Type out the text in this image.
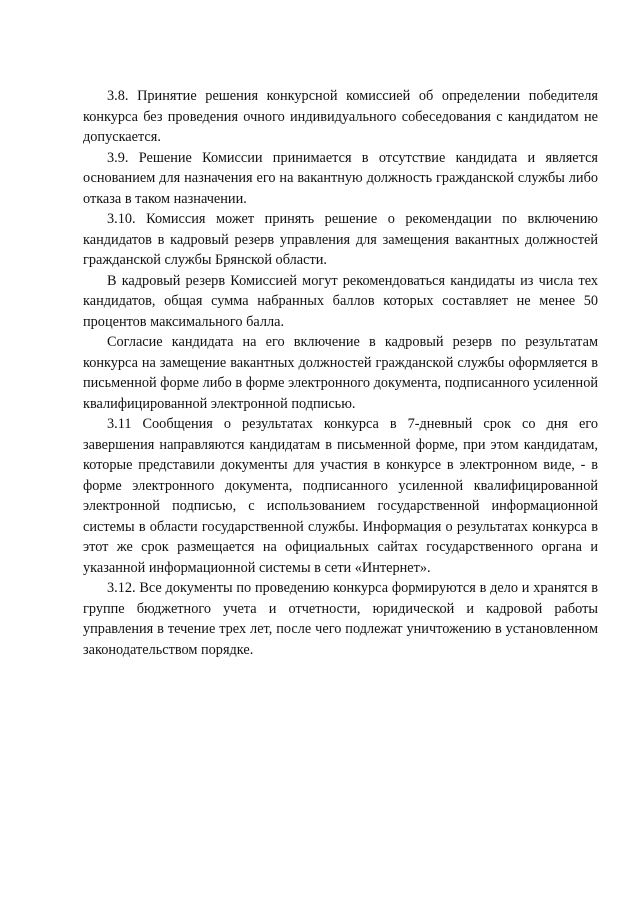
3.8. Принятие решения конкурсной комиссией об определении победителя конкурса без проведения очного индивидуального собеседования с кандидатом не допускается.

3.9. Решение Комиссии принимается в отсутствие кандидата и является основанием для назначения его на вакантную должность гражданской службы либо отказа в таком назначении.

3.10. Комиссия может принять решение о рекомендации по включению кандидатов в кадровый резерв управления для замещения вакантных должностей гражданской службы Брянской области.

В кадровый резерв Комиссией могут рекомендоваться кандидаты из числа тех кандидатов, общая сумма набранных баллов которых составляет не менее 50 процентов максимального балла.

Согласие кандидата на его включение в кадровый резерв по результатам конкурса на замещение вакантных должностей гражданской службы оформляется в письменной форме либо в форме электронного документа, подписанного усиленной квалифицированной электронной подписью.

3.11 Сообщения о результатах конкурса в 7-дневный срок со дня его завершения направляются кандидатам в письменной форме, при этом кандидатам, которые представили документы для участия в конкурсе в электронном виде, - в форме электронного документа, подписанного усиленной квалифицированной электронной подписью, с использованием государственной информационной системы в области государственной службы. Информация о результатах конкурса в этот же срок размещается на официальных сайтах государственного органа и указанной информационной системы в сети «Интернет».

3.12. Все документы по проведению конкурса формируются в дело и хранятся в группе бюджетного учета и отчетности, юридической и кадровой работы управления в течение трех лет, после чего подлежат уничтожению в установленном законодательством порядке.
